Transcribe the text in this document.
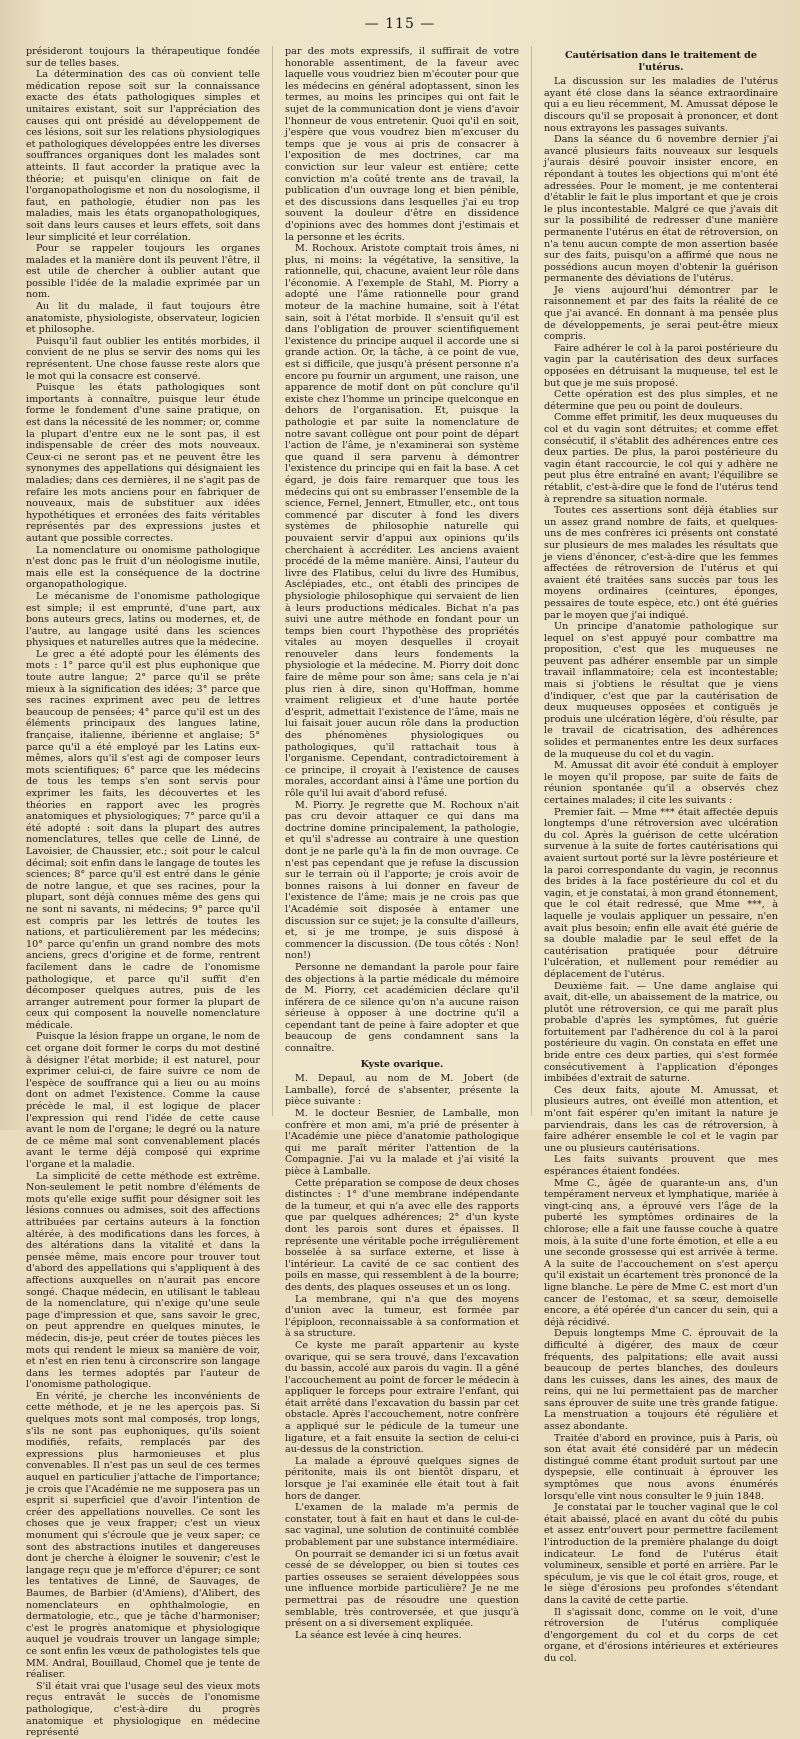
— 115 —

présideront toujours la thérapeutique fondée sur de telles bases.

La détermination des cas où convient telle médication repose soit sur la connaissance exacte des états pathologiques simples et unitaires existant, soit sur l'appréciation des causes qui ont présidé au développement de ces lésions, soit sur les relations physiologiques et pathologiques développées entre les diverses souffrances organiques dont les malades sont atteints. Il faut accorder la pratique avec la théorie; et puisqu'en clinique on fait de l'organopathologisme et non du nosologisme, il faut, en pathologie, étudier non pas les maladies, mais les états organopathologiques, soit dans leurs causes et leurs effets, soit dans leur simplicité et leur corrélation.

Pour se rappeler toujours les organes malades et la manière dont ils peuvent l'être, il est utile de chercher à oublier autant que possible l'idée de la maladie exprimée par un nom.

Au lit du malade, il faut toujours être anatomiste, physiologiste, observateur, logicien et philosophe.

Puisqu'il faut oublier les entités morbides, il convient de ne plus se servir des noms qui les représentent. Une chose fausse reste alors que le mot qui la consacre est conservé.

Puisque les états pathologiques sont importants à connaître, puisque leur étude forme le fondement d'une saine pratique, on est dans la nécessité de les nommer; or, comme la plupart d'entre eux ne le sont pas, il est indispensable de créer des mots nouveaux. Ceux-ci ne seront pas et ne peuvent être les synonymes des appellations qui désignaient les maladies; dans ces dernières, il ne s'agit pas de refaire les mots anciens pour en fabriquer de nouveaux, mais de substituer aux idées hypothétiques et erronées des faits véritables représentés par des expressions justes et autant que possible correctes.

La nomenclature ou onomisme pathologique n'est donc pas le fruit d'un néologisme inutile, mais elle est la conséquence de la doctrine organopathologique.

Le mécanisme de l'onomisme pathologique est simple; il est emprunté, d'une part, aux bons auteurs grecs, latins ou modernes, et, de l'autre, au langage usité dans les sciences physiques et naturelles autres que la médecine.

Le grec a été adopté pour les éléments des mots : 1° parce qu'il est plus euphonique que toute autre langue; 2° parce qu'il se prête mieux à la signification des idées; 3° parce que ses racines expriment avec peu de lettres beaucoup de pensées; 4° parce qu'il est un des éléments principaux des langues latine, française, italienne, ibérienne et anglaise; 5° parce qu'il a été employé par les Latins eux-mêmes, alors qu'il s'est agi de composer leurs mots scientifiques; 6° parce que les médecins de tous les temps s'en sont servis pour exprimer les faits, les découvertes et les théories en rapport avec les progrès anatomiques et physiologiques; 7° parce qu'il a été adopté : soit dans la plupart des autres nomenclatures, telles que celle de Linné, de Lavoisier, de Chaussier, etc.; soit pour le calcul décimal; soit enfin dans le langage de toutes les sciences; 8° parce qu'il est entré dans le génie de notre langue, et que ses racines, pour la plupart, sont déjà connues même des gens qui ne sont ni savants, ni médecins; 9° parce qu'il est compris par les lettrés de toutes les nations, et particulièrement par les médecins; 10° parce qu'enfin un grand nombre des mots anciens, grecs d'origine et de forme, rentrent facilement dans le cadre de l'onomisme pathologique, et parce qu'il suffit d'en décomposer quelques autres, puis de les arranger autrement pour former la plupart de ceux qui composent la nouvelle nomenclature médicale.

Puisque la lésion frappe un organe, le nom de cet organe doit former le corps du mot destiné à désigner l'état morbide; il est naturel, pour exprimer celui-ci, de faire suivre ce nom de l'espèce de souffrance qui a lieu ou au moins dont on admet l'existence. Comme la cause précède le mal, il est logique de placer l'expression qui rend l'idée de cette cause avant le nom de l'organe; le degré ou la nature de ce même mal sont convenablement placés avant le terme déjà composé qui exprime l'organe et la maladie.

La simplicité de cette méthode est extrême. Non-seulement le petit nombre d'éléments de mots qu'elle exige suffit pour désigner soit les lésions connues ou admises, soit des affections attribuées par certains auteurs à la fonction altérée, à des modifications dans les forces, à des altérations dans la vitalité et dans la pensée même, mais encore pour trouver tout d'abord des appellations qui s'appliquent à des affections auxquelles on n'aurait pas encore songé. Chaque médecin, en utilisant le tableau de la nomenclature, qui n'exige qu'une seule page d'impression et que, sans savoir le grec, on peut apprendre en quelques minutes, le médecin, dis-je, peut créer de toutes pièces les mots qui rendent le mieux sa manière de voir, et n'est en rien tenu à circonscrire son langage dans les termes adoptés par l'auteur de l'onomisme pathologique.

En vérité, je cherche les inconvénients de cette méthode, et je ne les aperçois pas. Si quelques mots sont mal composés, trop longs, s'ils ne sont pas euphoniques, qu'ils soient modifiés, refaits, remplacés par des expressions plus harmonieuses et plus convenables. Il n'est pas un seul de ces termes auquel en particulier j'attache de l'importance; je crois que l'Académie ne me supposera pas un esprit si superficiel que d'avoir l'intention de créer des appellations nouvelles. Ce sont les choses que je veux frapper; c'est un vieux monument qui s'écroule que je veux saper; ce sont des abstractions inutiles et dangereuses dont je cherche à éloigner le souvenir; c'est le langage reçu que je m'efforce d'épurer; ce sont les tentatives de Linné, de Sauvages, de Baumes, de Barbier (d'Amiens), d'Alibert, des nomenclateurs en ophthalmologie, en dermatologie, etc., que je tâche d'harmoniser; c'est le progrès anatomique et physiologique auquel je voudrais trouver un langage simple; ce sont enfin les vœux de pathologistes tels que MM. Andral, Bouillaud, Chomel que je tente de réaliser.

S'il était vrai que l'usage seul des vieux mots reçus entravât le succès de l'onomisme pathologique, c'est-à-dire du progrès anatomique et physiologique en médecine représenté

par des mots expressifs, il suffirait de votre honorable assentiment, de la faveur avec laquelle vous voudriez bien m'écouter pour que les médecins en général adoptassent, sinon les termes, au moins les principes qui ont fait le sujet de la communication dont je viens d'avoir l'honneur de vous entretenir. Quoi qu'il en soit, j'espère que vous voudrez bien m'excuser du temps que je vous ai pris de consacrer à l'exposition de mes doctrines, car ma conviction sur leur valeur est entière; cette conviction m'a coûté trente ans de travail, la publication d'un ouvrage long et bien pénible, et des discussions dans lesquelles j'ai eu trop souvent la douleur d'être en dissidence d'opinions avec des hommes dont j'estimais et la personne et les écrits.

M. Rochoux. Aristote comptait trois âmes, ni plus, ni moins: la végétative, la sensitive, la rationnelle, qui, chacune, avaient leur rôle dans l'économie. A l'exemple de Stahl, M. Piorry a adopté une l'âme rationnelle pour grand moteur de la machine humaine, soit à l'état sain, soit à l'état morbide. Il s'ensuit qu'il est dans l'obligation de prouver scientifiquement l'existence du principe auquel il accorde une si grande action. Or, la tâche, à ce point de vue, est si difficile, que jusqu'à présent personne n'a encore pu fournir un argument, une raison, une apparence de motif dont on pût conclure qu'il existe chez l'homme un principe quelconque en dehors de l'organisation. Et, puisque la pathologie et par suite la nomenclature de notre savant collègue ont pour point de départ l'action de l'âme, je n'examinerai son système que quand il sera parvenu à démontrer l'existence du principe qui en fait la base. A cet égard, je dois faire remarquer que tous les médecins qui ont su embrasser l'ensemble de la science, Fernel, Jennert, Etmuller, etc., ont tous commencé par discuter à fond les divers systèmes de philosophie naturelle qui pouvaient servir d'appui aux opinions qu'ils cherchaient à accréditer. Les anciens avaient procédé de la même manière. Ainsi, l'auteur du livre des Flatibus, celui du livre des Humibus, Asclépiades, etc., ont établi des principes de physiologie philosophique qui servaient de lien à leurs productions médicales. Bichat n'a pas suivi une autre méthode en fondant pour un temps bien court l'hypothèse des propriétés vitales au moyen desquelles il croyait renouveler dans leurs fondements la physiologie et la médecine. M. Piorry doit donc faire de même pour son âme; sans cela je n'ai plus rien à dire, sinon qu'Hoffman, homme vraiment religieux et d'une haute portée d'esprit, admettait l'existence de l'âme, mais ne lui faisait jouer aucun rôle dans la production des phénomènes physiologiques ou pathologiques, qu'il rattachait tous à l'organisme. Cependant, contradictoirement à ce principe, il croyait à l'existence de causes morales, accordant ainsi à l'âme une portion du rôle qu'il lui avait d'abord refusé.

M. Piorry. Je regrette que M. Rochoux n'ait pas cru devoir attaquer ce qui dans ma doctrine domine principalement, la pathologie, et qu'il s'adresse au contraire à une question dont je ne parle qu'à la fin de mon ouvrage. Ce n'est pas cependant que je refuse la discussion sur le terrain où il l'apporte; je crois avoir de bonnes raisons à lui donner en faveur de l'existence de l'âme; mais je ne crois pas que l'Académie soit disposée à entamer une discussion sur ce sujet; je la consulte d'ailleurs, et, si je me trompe, je suis disposé à commencer la discussion. (De tous côtés : Non! non!)

Personne ne demandant la parole pour faire des objections à la partie médicale du mémoire de M. Piorry, cet académicien déclare qu'il inférera de ce silence qu'on n'a aucune raison sérieuse à opposer à une doctrine qu'il a cependant tant de peine à faire adopter et que beaucoup de gens condamnent sans la connaître.

Kyste ovarique.

M. Depaul, au nom de M. Jobert (de Lamballe), forcé de s'absenter, présente la pièce suivante :

M. le docteur Besnier, de Lamballe, mon confrère et mon ami, m'a prié de présenter à l'Académie une pièce d'anatomie pathologique qui me paraît mériter l'attention de la Compagnie. J'ai vu la malade et j'ai visité la pièce à Lamballe.

Cette préparation se compose de deux choses distinctes : 1° d'une membrane indépendante de la tumeur, et qui n'a avec elle des rapports que par quelques adhérences; 2° d'un kyste dont les parois sont dures et épaisses. Il représente une véritable poche irrégulièrement bosselée à sa surface externe, et lisse à l'intérieur. La cavité de ce sac contient des poils en masse, qui ressemblent à de la bourre; des dents, des plaques osseuses et un os long.

La membrane, qui n'a que des moyens d'union avec la tumeur, est formée par l'épiploon, reconnaissable à sa conformation et à sa structure.

Ce kyste me paraît appartenir au kyste ovarique, qui se sera trouvé, dans l'excavation du bassin, accolé aux parois du vagin. Il a gêné l'accouchement au point de forcer le médecin à appliquer le forceps pour extraire l'enfant, qui était arrêté dans l'excavation du bassin par cet obstacle. Après l'accouchement, notre confrère a appliqué sur le pédicule de la tumeur une ligature, et a fait ensuite la section de celui-ci au-dessus de la constriction.

La malade a éprouvé quelques signes de péritonite, mais ils ont bientôt disparu, et lorsque je l'ai examinée elle était tout à fait hors de danger.

L'examen de la malade m'a permis de constater, tout à fait en haut et dans le cul-de-sac vaginal, une solution de continuité comblée probablement par une substance intermédiaire.

On pourrait se demander ici si un fœtus avait cessé de se développer, ou bien si toutes ces parties osseuses se seraient développées sous une influence morbide particulière? Je ne me permettrai pas de résoudre une question semblable, très controversée, et que jusqu'à présent on a si diversement expliquée.

La séance est levée à cinq heures.

Cautérisation dans le traitement de l'utérus.

La discussion sur les maladies de l'utérus ayant été close dans la séance extraordinaire qui a eu lieu récemment, M. Amussat dépose le discours qu'il se proposait à prononcer, et dont nous extrayons les passages suivants.

Dans la séance du 6 novembre dernier j'ai avancé plusieurs faits nouveaux sur lesquels j'aurais désiré pouvoir insister encore, en répondant à toutes les objections qui m'ont été adressées. Pour le moment, je me contenterai d'établir le fait le plus important et que je crois le plus incontestable. Malgré ce que j'avais dit sur la possibilité de redresser d'une manière permanente l'utérus en état de rétroversion, on n'a tenu aucun compte de mon assertion basée sur des faits, puisqu'on a affirmé que nous ne possédions aucun moyen d'obtenir la guérison permanente des déviations de l'utérus.

Je viens aujourd'hui démontrer par le raisonnement et par des faits la réalité de ce que j'ai avancé. En donnant à ma pensée plus de développements, je serai peut-être mieux compris.

Faire adhérer le col à la paroi postérieure du vagin par la cautérisation des deux surfaces opposées en détruisant la muqueuse, tel est le but que je me suis proposé.

Cette opération est des plus simples, et ne détermine que peu ou point de douleurs.

Comme effet primitif, les deux muqueuses du col et du vagin sont détruites; et comme effet consécutif, il s'établit des adhérences entre ces deux parties. De plus, la paroi postérieure du vagin étant raccourcie, le col qui y adhère ne peut plus être entraîné en avant; l'équilibre se rétablit, c'est-à-dire que le fond de l'utérus tend à reprendre sa situation normale.

Toutes ces assertions sont déjà établies sur un assez grand nombre de faits, et quelques-uns de mes confrères ici présents ont constaté sur plusieurs de mes malades les résultats que je viens d'énoncer, c'est-à-dire que les femmes affectées de rétroversion de l'utérus et qui avaient été traitées sans succès par tous les moyens ordinaires (ceintures, éponges, pessaires de toute espèce, etc.) ont été guéries par le moyen que j'ai indiqué.

Un principe d'anatomie pathologique sur lequel on s'est appuyé pour combattre ma proposition, c'est que les muqueuses ne peuvent pas adhérer ensemble par un simple travail inflammatoire; cela est incontestable; mais si j'obtiens le résultat que je viens d'indiquer, c'est que par la cautérisation de deux muqueuses opposées et contiguës je produis une ulcération légère, d'où résulte, par le travail de cicatrisation, des adhérences solides et permanentes entre les deux surfaces de la muqueuse du col et du vagin.

M. Amussat dit avoir été conduit à employer le moyen qu'il propose, par suite de faits de réunion spontanée qu'il a observés chez certaines malades; il cite les suivants :

Premier fait. — Mme *** était affectée depuis longtemps d'une rétroversion avec ulcération du col. Après la guérison de cette ulcération survenue à la suite de fortes cautérisations qui avaient surtout porté sur la lèvre postérieure et la paroi correspondante du vagin, je reconnus des brides à la face postérieure du col et du vagin, et je constatai, à mon grand étonnement, que le col était redressé, que Mme ***, à laquelle je voulais appliquer un pessaire, n'en avait plus besoin; enfin elle avait été guérie de sa double maladie par le seul effet de la cautérisation pratiquée pour détruire l'ulcération, et nullement pour remédier au déplacement de l'utérus.

Deuxième fait. — Une dame anglaise qui avait, dit-elle, un abaissement de la matrice, ou plutôt une rétroversion, ce qui me paraît plus probable d'après les symptômes, fut guérie fortuitement par l'adhérence du col à la paroi postérieure du vagin. On constata en effet une bride entre ces deux parties, qui s'est formée consécutivement à l'application d'éponges imbibées d'extrait de saturne.

Ces deux faits, ajoute M. Amussat, et plusieurs autres, ont éveillé mon attention, et m'ont fait espérer qu'en imitant la nature je parviendrais, dans les cas de rétroversion, à faire adhérer ensemble le col et le vagin par une ou plusieurs cautérisations.

Les faits suivants prouvent que mes espérances étaient fondées.

Mme C., âgée de quarante-un ans, d'un tempérament nerveux et lymphatique, mariée à vingt-cinq ans, a éprouvé vers l'âge de la puberté les symptômes ordinaires de la chlorose; elle a fait une fausse couche à quatre mois, à la suite d'une forte émotion, et elle a eu une seconde grossesse qui est arrivée à terme. A la suite de l'accouchement on s'est aperçu qu'il existait un écartement très prononcé de la ligne blanche. Le père de Mme C. est mort d'un cancer de l'estomac, et sa sœur, demoiselle encore, a été opérée d'un cancer du sein, qui a déjà récidivé.

Depuis longtemps Mme C. éprouvait de la difficulté à digérer, des maux de cœur fréquents, des palpitations; elle avait aussi beaucoup de pertes blanches, des douleurs dans les cuisses, dans les aines, des maux de reins, qui ne lui permettaient pas de marcher sans éprouver de suite une très grande fatigue. La menstruation a toujours été régulière et assez abondante.

Traitée d'abord en province, puis à Paris, où son état avait été considéré par un médecin distingué comme étant produit surtout par une dyspepsie, elle continuait à éprouver les symptômes que nous avons énumérés lorsqu'elle vint nous consulter le 9 juin 1848.

Je constatai par le toucher vaginal que le col était abaissé, placé en avant du côté du pubis et assez entr'ouvert pour permettre facilement l'introduction de la première phalange du doigt indicateur. Le fond de l'utérus était volumineux, sensible et porté en arrière. Par le spéculum, je vis que le col était gros, rouge, et le siège d'érosions peu profondes s'étendant dans la cavité de cette partie.

Il s'agissait donc, comme on le voit, d'une rétroversion de l'utérus compliquée d'engorgement du col et du corps de cet organe, et d'érosions intérieures et extérieures du col.
